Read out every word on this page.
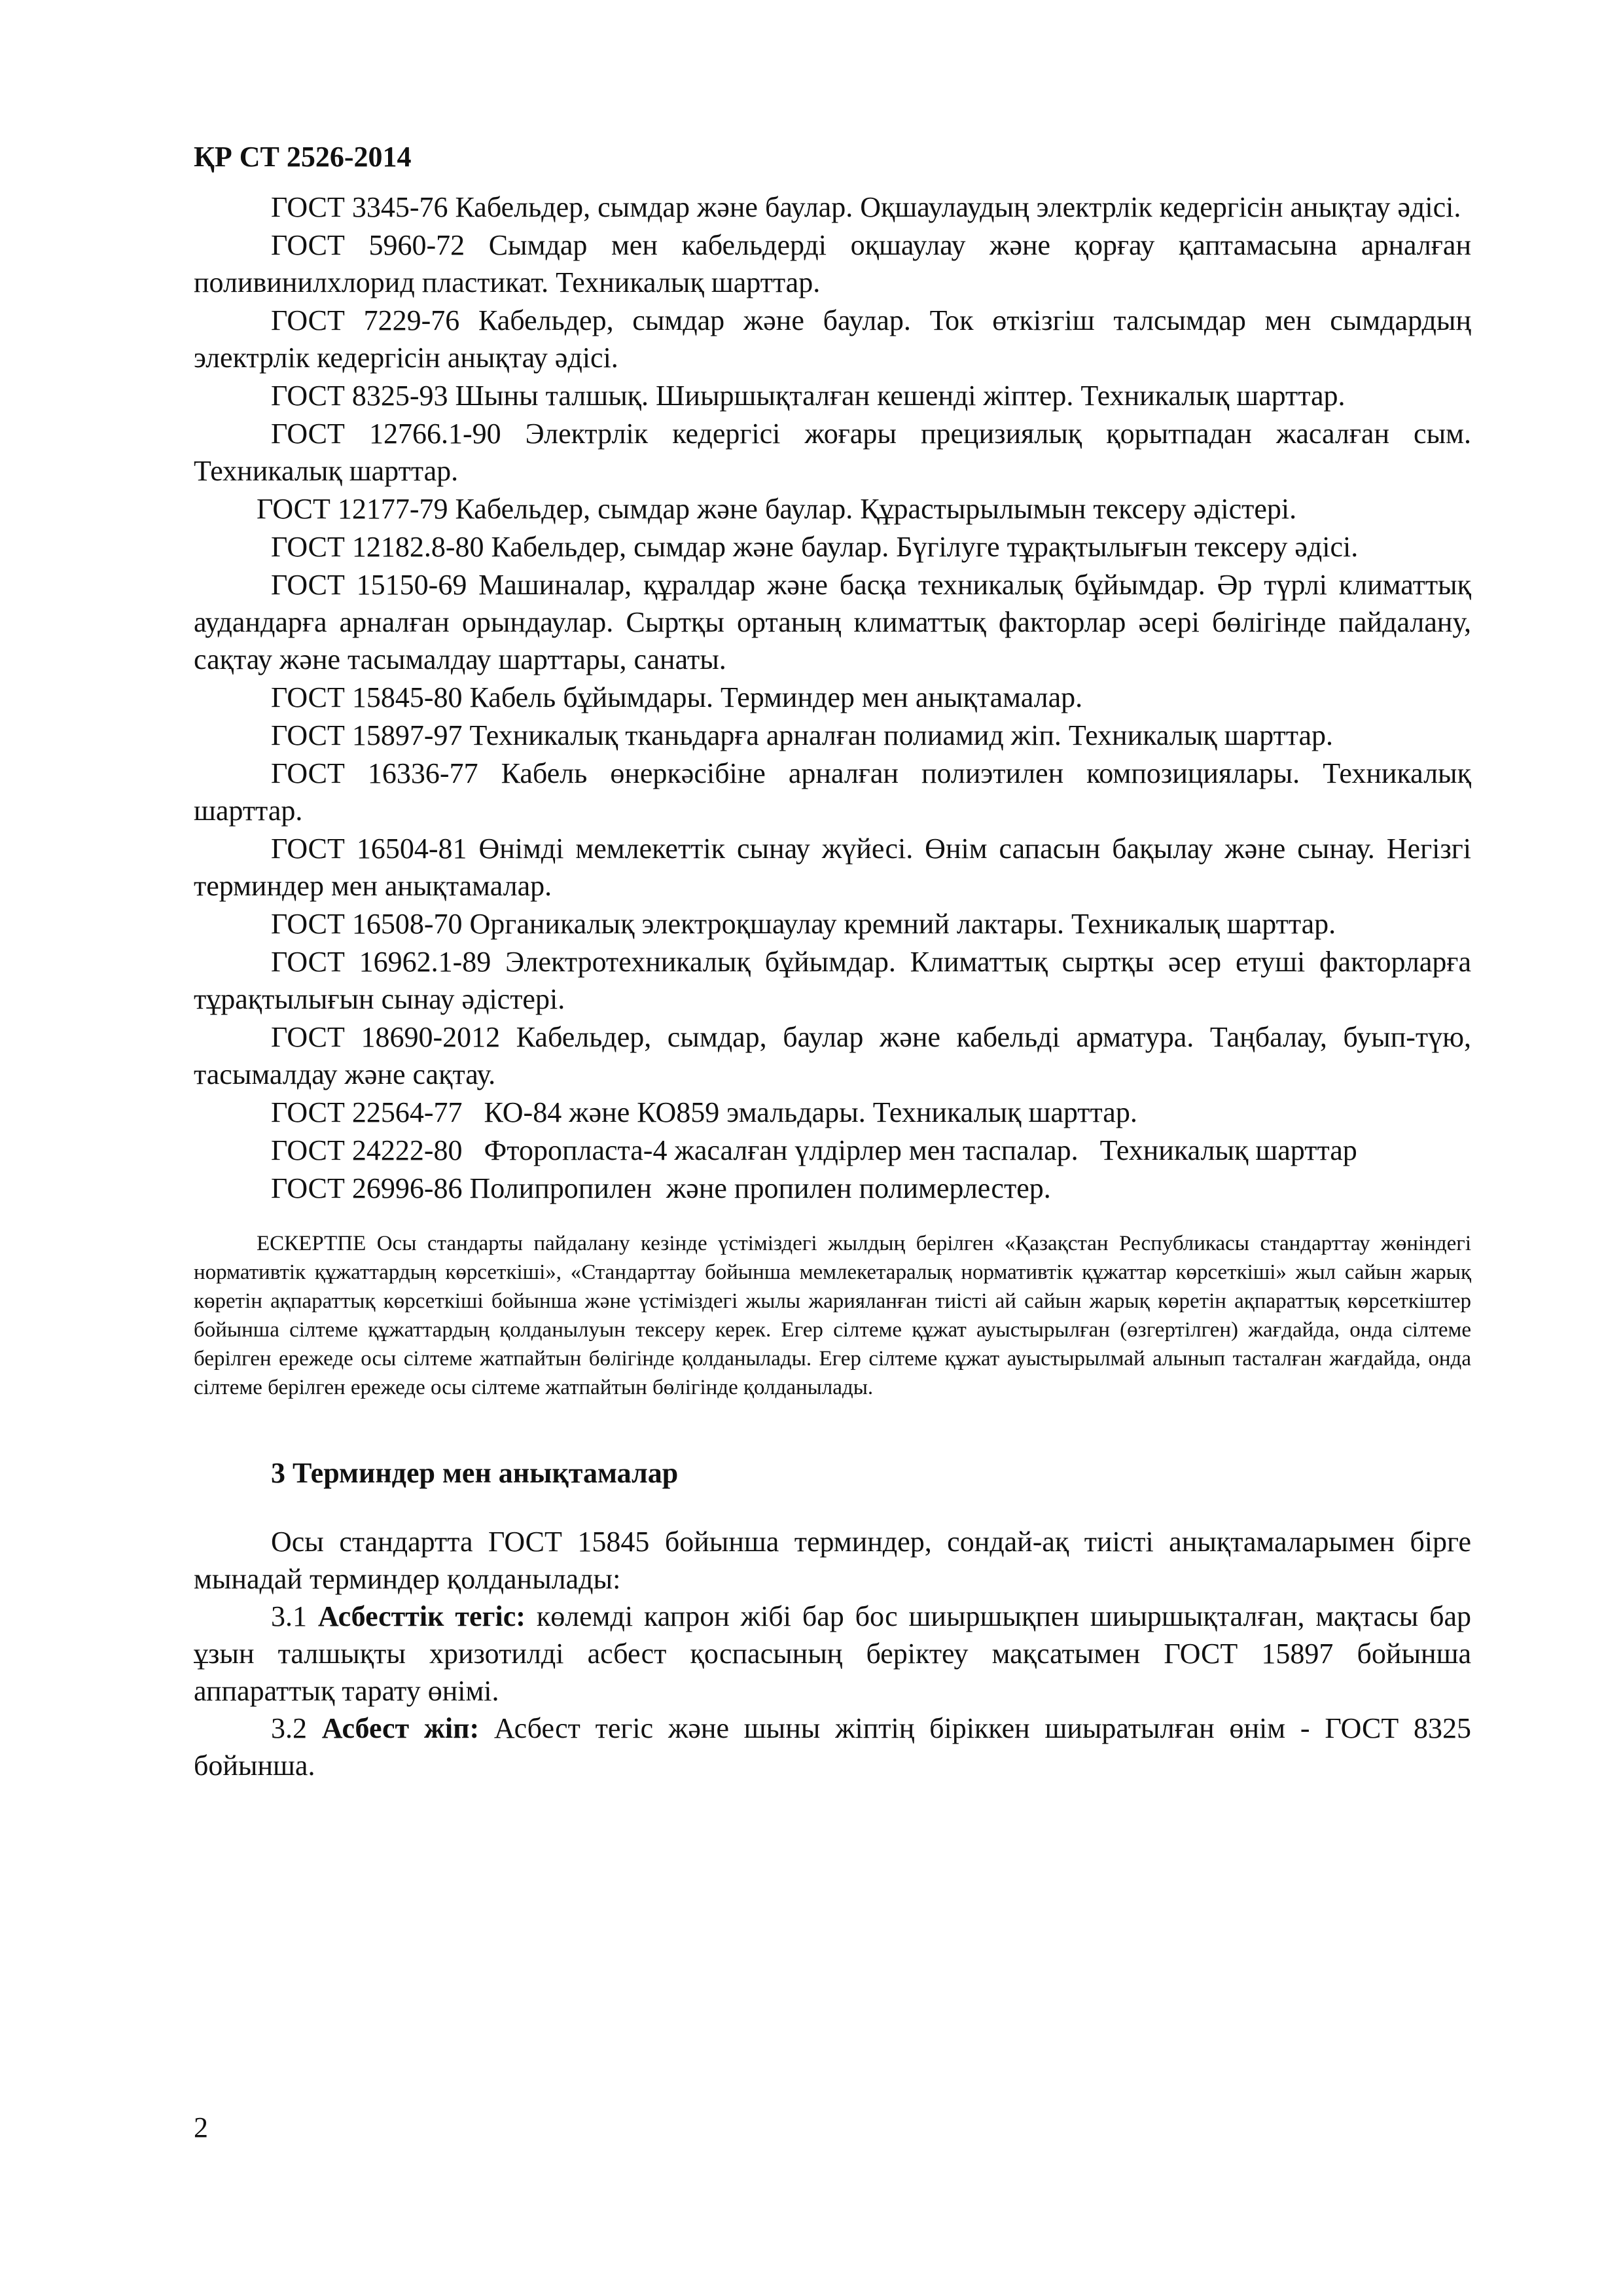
ҚР СТ 2526-2014

ГОСТ 3345-76 Кабельдер, сымдар және баулар. Оқшаулаудың электрлік кедергісін анықтау әдісі.

ГОСТ 5960-72 Сымдар мен кабельдерді оқшаулау және қорғау қаптамасына арналған поливинилхлорид пластикат. Техникалық шарттар.

ГОСТ 7229-76 Кабельдер, сымдар және баулар. Ток өткізгіш талсымдар мен сымдардың электрлік кедергісін анықтау әдісі.

ГОСТ 8325-93 Шыны талшық. Шиыршықталған кешенді жіптер. Техникалық шарттар.

ГОСТ 12766.1-90 Электрлік кедергісі жоғары прецизиялық қорытпадан жасалған сым. Техникалық шарттар.

ГОСТ 12177-79 Кабельдер, сымдар және баулар. Құрастырылымын тексеру әдістері.

ГОСТ 12182.8-80 Кабельдер, сымдар және баулар. Бүгілуге тұрақтылығын тексеру әдісі.

ГОСТ 15150-69 Машиналар, құралдар және басқа техникалық бұйымдар. Әр түрлі климаттық аудандарға арналған орындаулар. Сыртқы ортаның климаттық факторлар әсері бөлігінде пайдалану, сақтау және тасымалдау шарттары, санаты.

ГОСТ 15845-80 Кабель бұйымдары. Терминдер мен анықтамалар.

ГОСТ 15897-97 Техникалық тканьдарға арналған полиамид жіп. Техникалық шарттар.

ГОСТ 16336-77 Кабель өнеркәсібіне арналған полиэтилен композициялары. Техникалық шарттар.

ГОСТ 16504-81 Өнімді мемлекеттік сынау жүйесі. Өнім сапасын бақылау және сынау. Негізгі терминдер мен анықтамалар.

ГОСТ 16508-70 Органикалық электроқшаулау кремний лактары. Техникалық шарттар.

ГОСТ 16962.1-89 Электротехникалық бұйымдар. Климаттық сыртқы әсер етуші факторларға тұрақтылығын сынау әдістері.

ГОСТ 18690-2012 Кабельдер, сымдар, баулар және кабельді арматура. Таңбалау, буып-түю, тасымалдау және сақтау.

ГОСТ 22564-77   КО-84 және КО859 эмальдары. Техникалық шарттар.

ГОСТ 24222-80   Фторопласта-4 жасалған үлдірлер мен таспалар.   Техникалық шарттар

ГОСТ 26996-86 Полипропилен  және пропилен полимерлестер.

ЕСКЕРТПЕ Осы стандарты пайдалану кезінде үстіміздегі жылдың берілген «Қазақстан Республикасы стандарттау жөніндегі нормативтік құжаттардың көрсеткіші», «Стандарттау бойынша мемлекетаралық нормативтік құжаттар көрсеткіші» жыл сайын жарық көретін ақпараттық көрсеткіші бойынша және үстіміздегі жылы жарияланған тиісті ай сайын жарық көретін ақпараттық көрсеткіштер бойынша сілтеме құжаттардың қолданылуын тексеру керек. Егер сілтеме құжат ауыстырылған (өзгертілген) жағдайда, онда сілтеме берілген ережеде осы сілтеме жатпайтын бөлігінде қолданылады. Егер сілтеме құжат ауыстырылмай алынып тасталған жағдайда, онда сілтеме берілген ережеде осы сілтеме жатпайтын бөлігінде қолданылады.

3 Терминдер мен анықтамалар

Осы стандартта ГОСТ 15845 бойынша терминдер, сондай-ақ тиісті анықтамаларымен бірге мынадай терминдер қолданылады:

3.1 Асбесттік тегіс: көлемді капрон жібі бар бос шиыршықпен шиыршықталған, мақтасы бар ұзын талшықты хризотилді асбест қоспасының беріктеу мақсатымен ГОСТ 15897 бойынша аппараттық тарату өнімі.

3.2 Асбест жіп: Асбест тегіс және шыны жіптің біріккен шиыратылған өнім - ГОСТ 8325 бойынша.

2
